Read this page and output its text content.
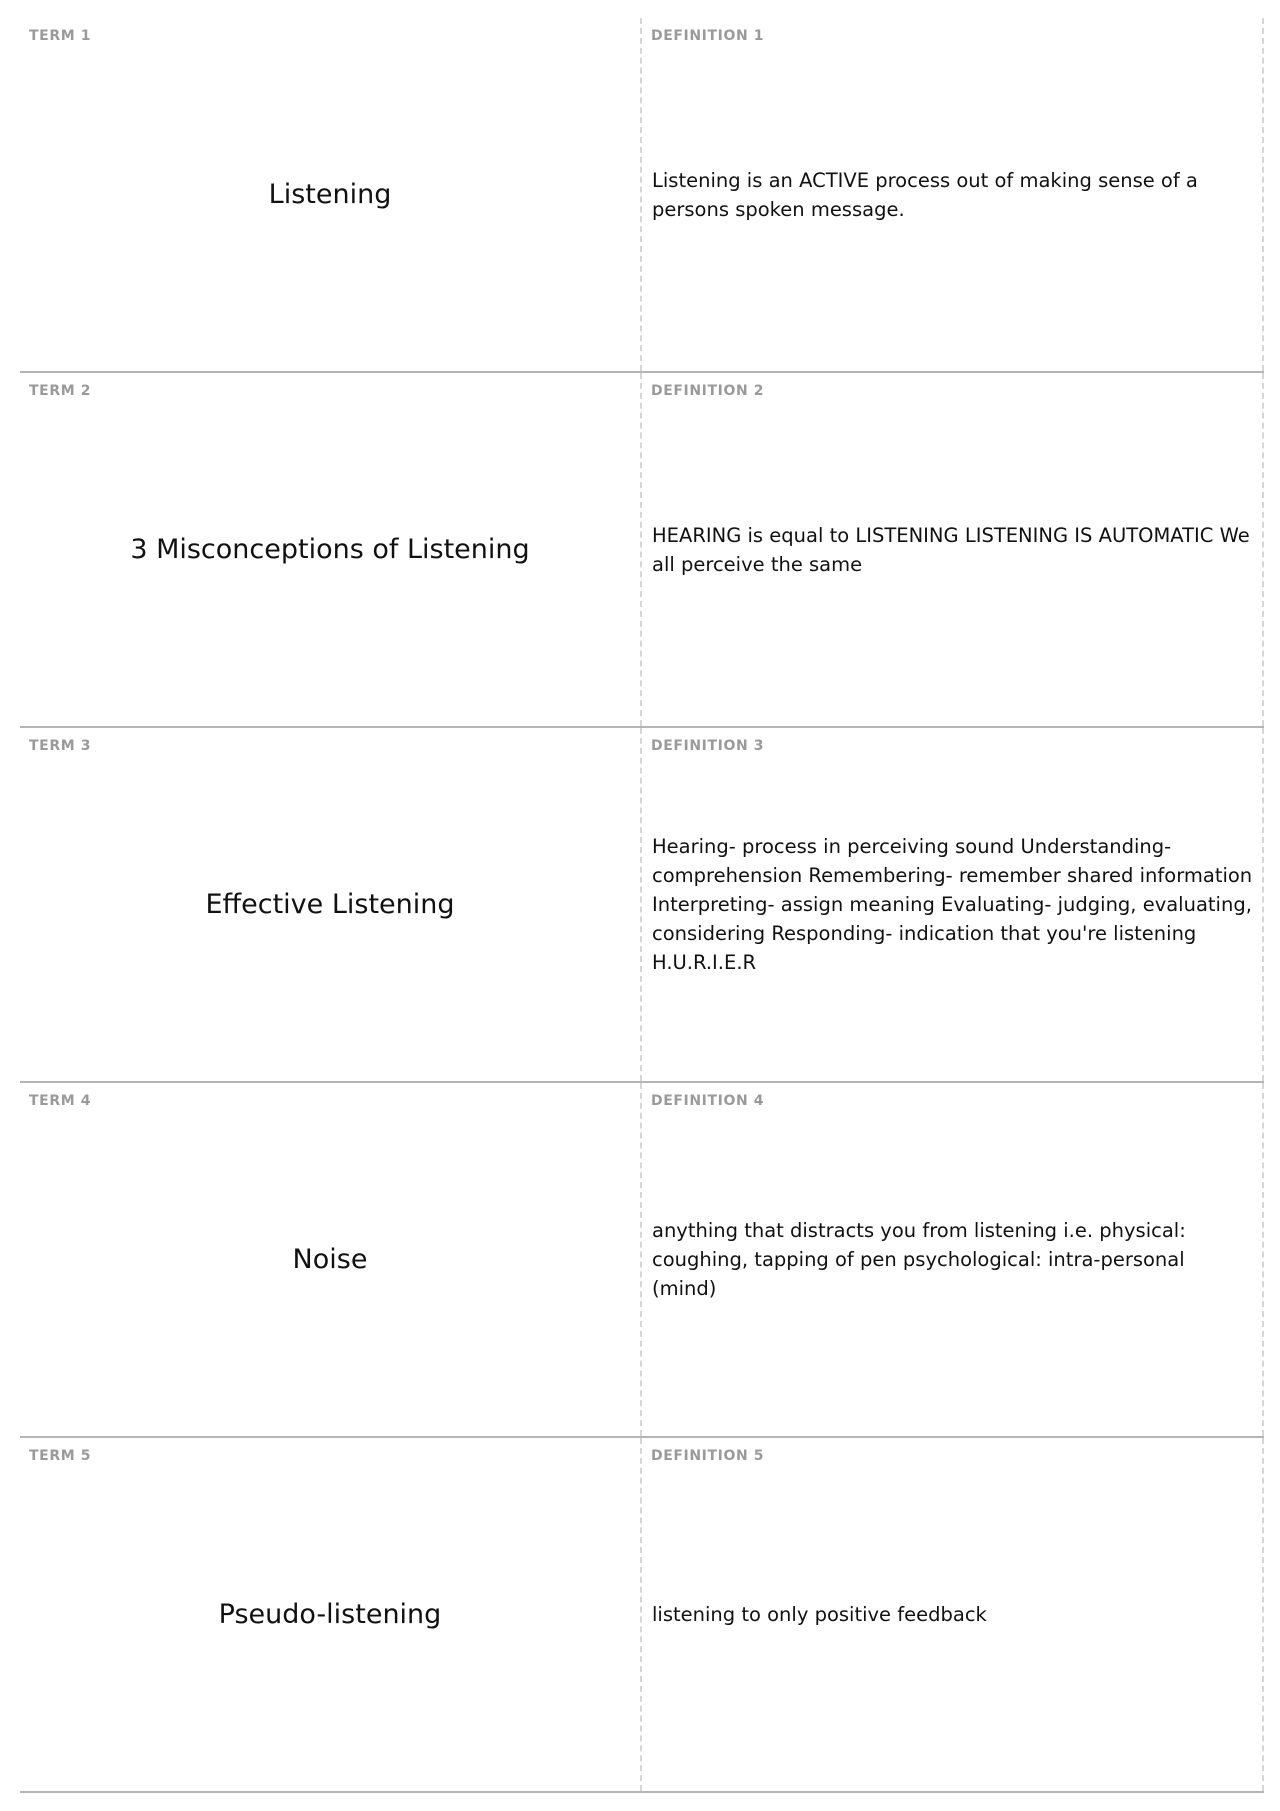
TERM 1
Listening
DEFINITION 1
Listening is an ACTIVE process out of making sense of a persons spoken message.
TERM 2
3 Misconceptions of Listening
DEFINITION 2
HEARING is equal to LISTENING LISTENING IS AUTOMATIC We all perceive the same
TERM 3
Effective Listening
DEFINITION 3
Hearing- process in perceiving sound Understanding- comprehension Remembering- remember shared information Interpreting- assign meaning Evaluating- judging, evaluating, considering Responding- indication that you're listening H.U.R.I.E.R
TERM 4
Noise
DEFINITION 4
anything that distracts you from listening i.e. physical: coughing, tapping of pen psychological: intra-personal (mind)
TERM 5
Pseudo-listening
DEFINITION 5
listening to only positive feedback
